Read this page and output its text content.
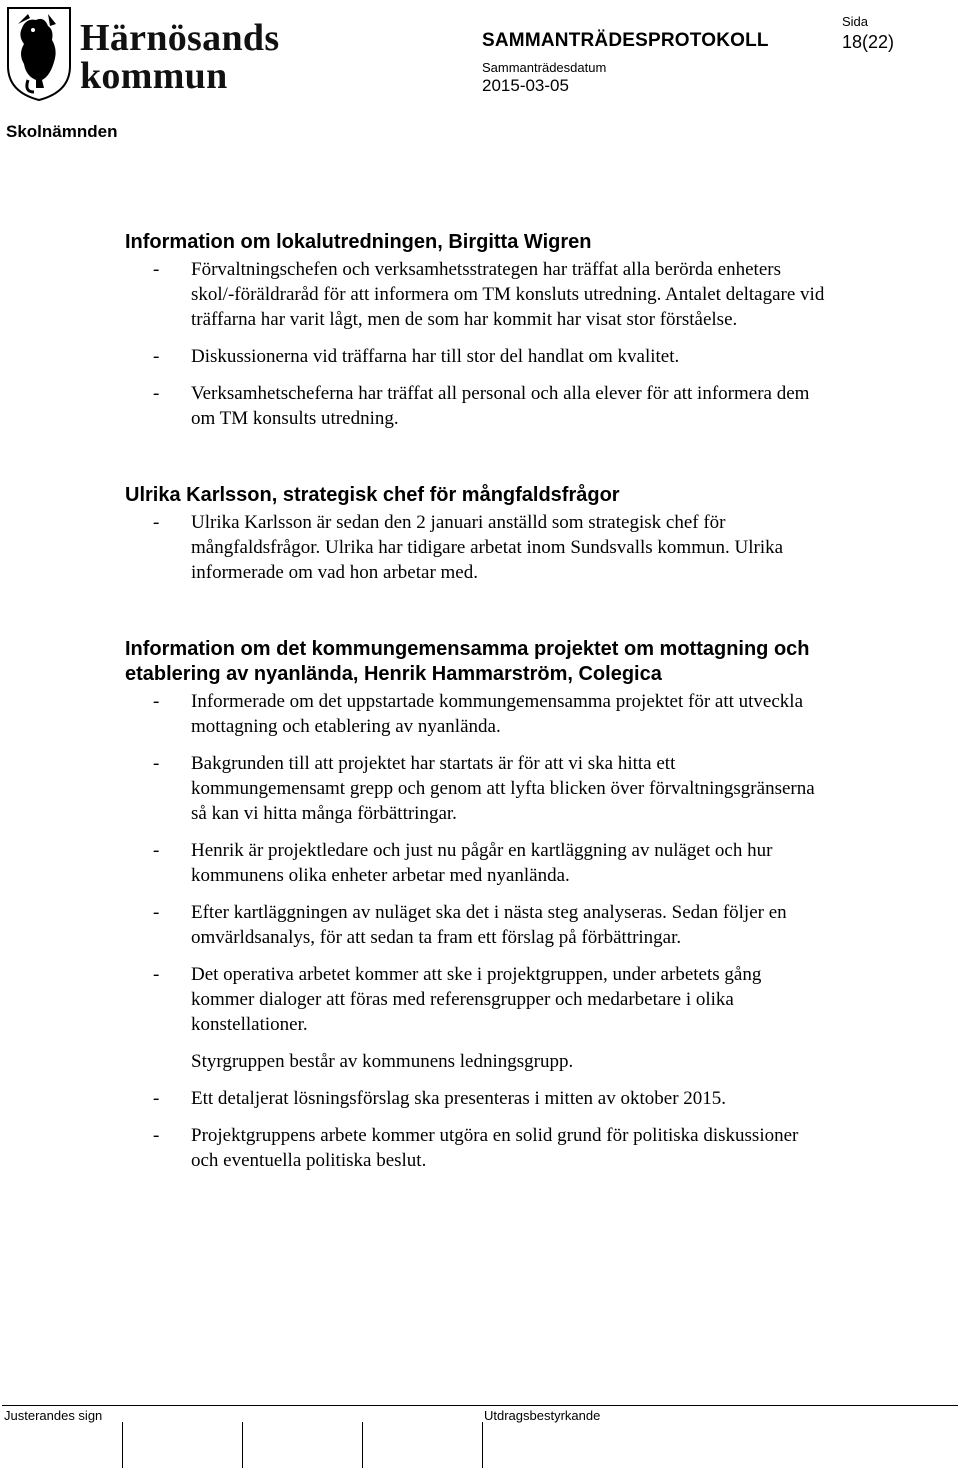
Härnösands
kommun
SAMMANTRÄDESPROTOKOLL
Sammanträdesdatum
2015-03-05
Sida
18(22)
Skolnämnden
Information om lokalutredningen, Birgitta Wigren
-	Förvaltningschefen och verksamhetsstrategen har träffat alla berörda enheters skol/-föräldraråd för att informera om TM konsluts utredning. Antalet deltagare vid träffarna har varit lågt, men de som har kommit har visat stor förståelse.
-	Diskussionerna vid träffarna har till stor del handlat om kvalitet.
-	Verksamhetscheferna har träffat all personal och alla elever för att informera dem om TM konsults utredning.
Ulrika Karlsson, strategisk chef för mångfaldsfrågor
-	Ulrika Karlsson är sedan den 2 januari anställd som strategisk chef för mångfaldsfrågor. Ulrika har tidigare arbetat inom Sundsvalls kommun. Ulrika informerade om vad hon arbetar med.
Information om det kommungemensamma projektet om mottagning och etablering av nyanlända, Henrik Hammarström, Colegica
-	Informerade om det uppstartade kommungemensamma projektet för att utveckla mottagning och etablering av nyanlända.
-	Bakgrunden till att projektet har startats är för att vi ska hitta ett kommungemensamt grepp och genom att lyfta blicken över förvaltningsgränserna så kan vi hitta många förbättringar.
-	Henrik är projektledare och just nu pågår en kartläggning av nuläget och hur kommunens olika enheter arbetar med nyanlända.
-	Efter kartläggningen av nuläget ska det i nästa steg analyseras. Sedan följer en omvärldsanalys, för att sedan ta fram ett förslag på förbättringar.
-	Det operativa arbetet kommer att ske i projektgruppen, under arbetets gång kommer dialoger att föras med referensgrupper och medarbetare i olika konstellationer.
Styrgruppen består av kommunens ledningsgrupp.
-	Ett detaljerat lösningsförslag ska presenteras i mitten av oktober 2015.
-	Projektgruppens arbete kommer utgöra en solid grund för politiska diskussioner och eventuella politiska beslut.
Justerandes sign	Utdragsbestyrkande
